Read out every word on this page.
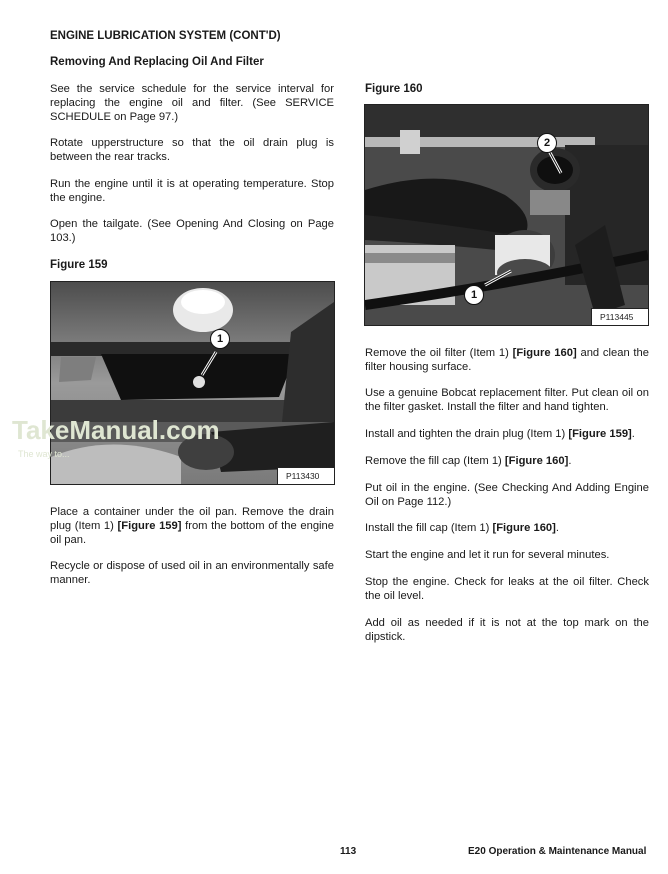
ENGINE LUBRICATION SYSTEM (CONT'D)
Removing And Replacing Oil And Filter

See the service schedule for the service interval for replacing the engine oil and filter. (See SERVICE SCHEDULE on Page 97.)

Rotate upperstructure so that the oil drain plug is between the rear tracks.

Run the engine until it is at operating temperature. Stop the engine.

Open the tailgate. (See Opening And Closing on Page 103.)

Figure 159
1
P113430
TakeManual.com
The way to...

Place a container under the oil pan. Remove the drain plug (Item 1) [Figure 159] from the bottom of the engine oil pan.

Recycle or dispose of used oil in an environmentally safe manner.

Figure 160
2
1
P113445

Remove the oil filter (Item 1) [Figure 160] and clean the filter housing surface.

Use a genuine Bobcat replacement filter. Put clean oil on the filter gasket. Install the filter and hand tighten.

Install and tighten the drain plug (Item 1) [Figure 159].

Remove the fill cap (Item 1) [Figure 160].

Put oil in the engine. (See Checking And Adding Engine Oil on Page 112.)

Install the fill cap (Item 1) [Figure 160].

Start the engine and let it run for several minutes.

Stop the engine. Check for leaks at the oil filter. Check the oil level.

Add oil as needed if it is not at the top mark on the dipstick.

113	E20 Operation & Maintenance Manual
